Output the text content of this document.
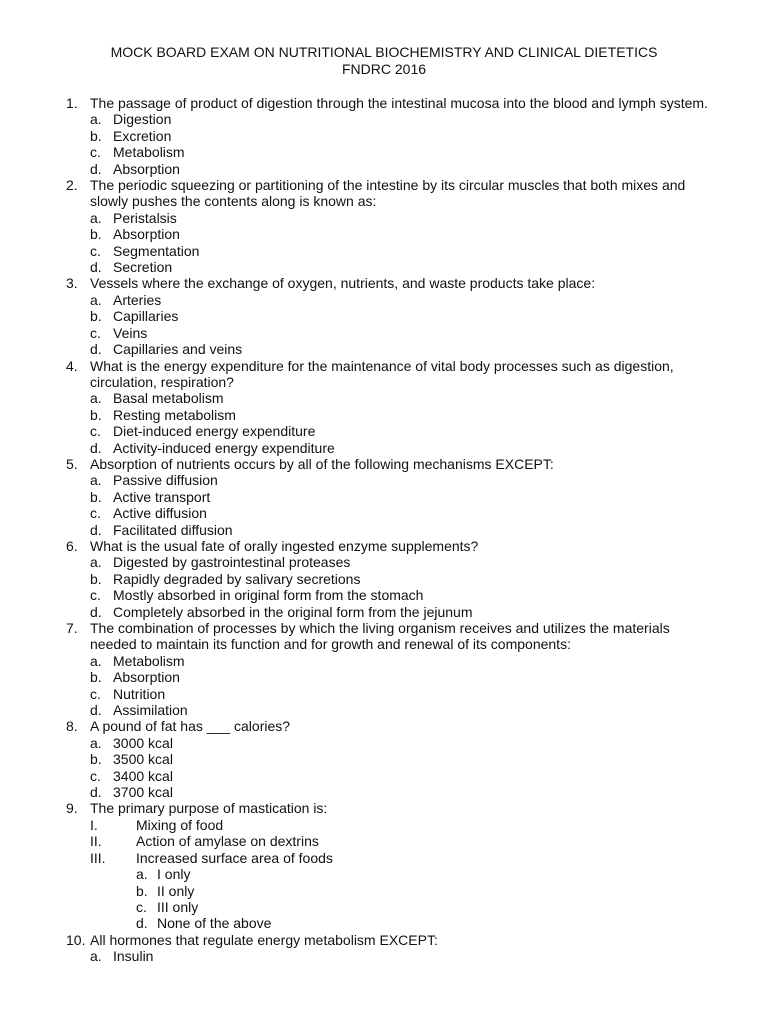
MOCK BOARD EXAM ON NUTRITIONAL BIOCHEMISTRY AND CLINICAL DIETETICS
FNDRC 2016
1. The passage of product of digestion through the intestinal mucosa into the blood and lymph system.
a. Digestion
b. Excretion
c. Metabolism
d. Absorption
2. The periodic squeezing or partitioning of the intestine by its circular muscles that both mixes and slowly pushes the contents along is known as:
a. Peristalsis
b. Absorption
c. Segmentation
d. Secretion
3. Vessels where the exchange of oxygen, nutrients, and waste products take place:
a. Arteries
b. Capillaries
c. Veins
d. Capillaries and veins
4. What is the energy expenditure for the maintenance of vital body processes such as digestion, circulation, respiration?
a. Basal metabolism
b. Resting metabolism
c. Diet-induced energy expenditure
d. Activity-induced energy expenditure
5. Absorption of nutrients occurs by all of the following mechanisms EXCEPT:
a. Passive diffusion
b. Active transport
c. Active diffusion
d. Facilitated diffusion
6. What is the usual fate of orally ingested enzyme supplements?
a. Digested by gastrointestinal proteases
b. Rapidly degraded by salivary secretions
c. Mostly absorbed in original form from the stomach
d. Completely absorbed in the original form from the jejunum
7. The combination of processes by which the living organism receives and utilizes the materials needed to maintain its function and for growth and renewal of its components:
a. Metabolism
b. Absorption
c. Nutrition
d. Assimilation
8. A pound of fat has ___ calories?
a. 3000 kcal
b. 3500 kcal
c. 3400 kcal
d. 3700 kcal
9. The primary purpose of mastication is:
I.	Mixing of food
II. Action of amylase on dextrins
III. Increased surface area of foods
a. I only
b. II only
c. III only
d. None of the above
10. All hormones that regulate energy metabolism EXCEPT:
a. Insulin
